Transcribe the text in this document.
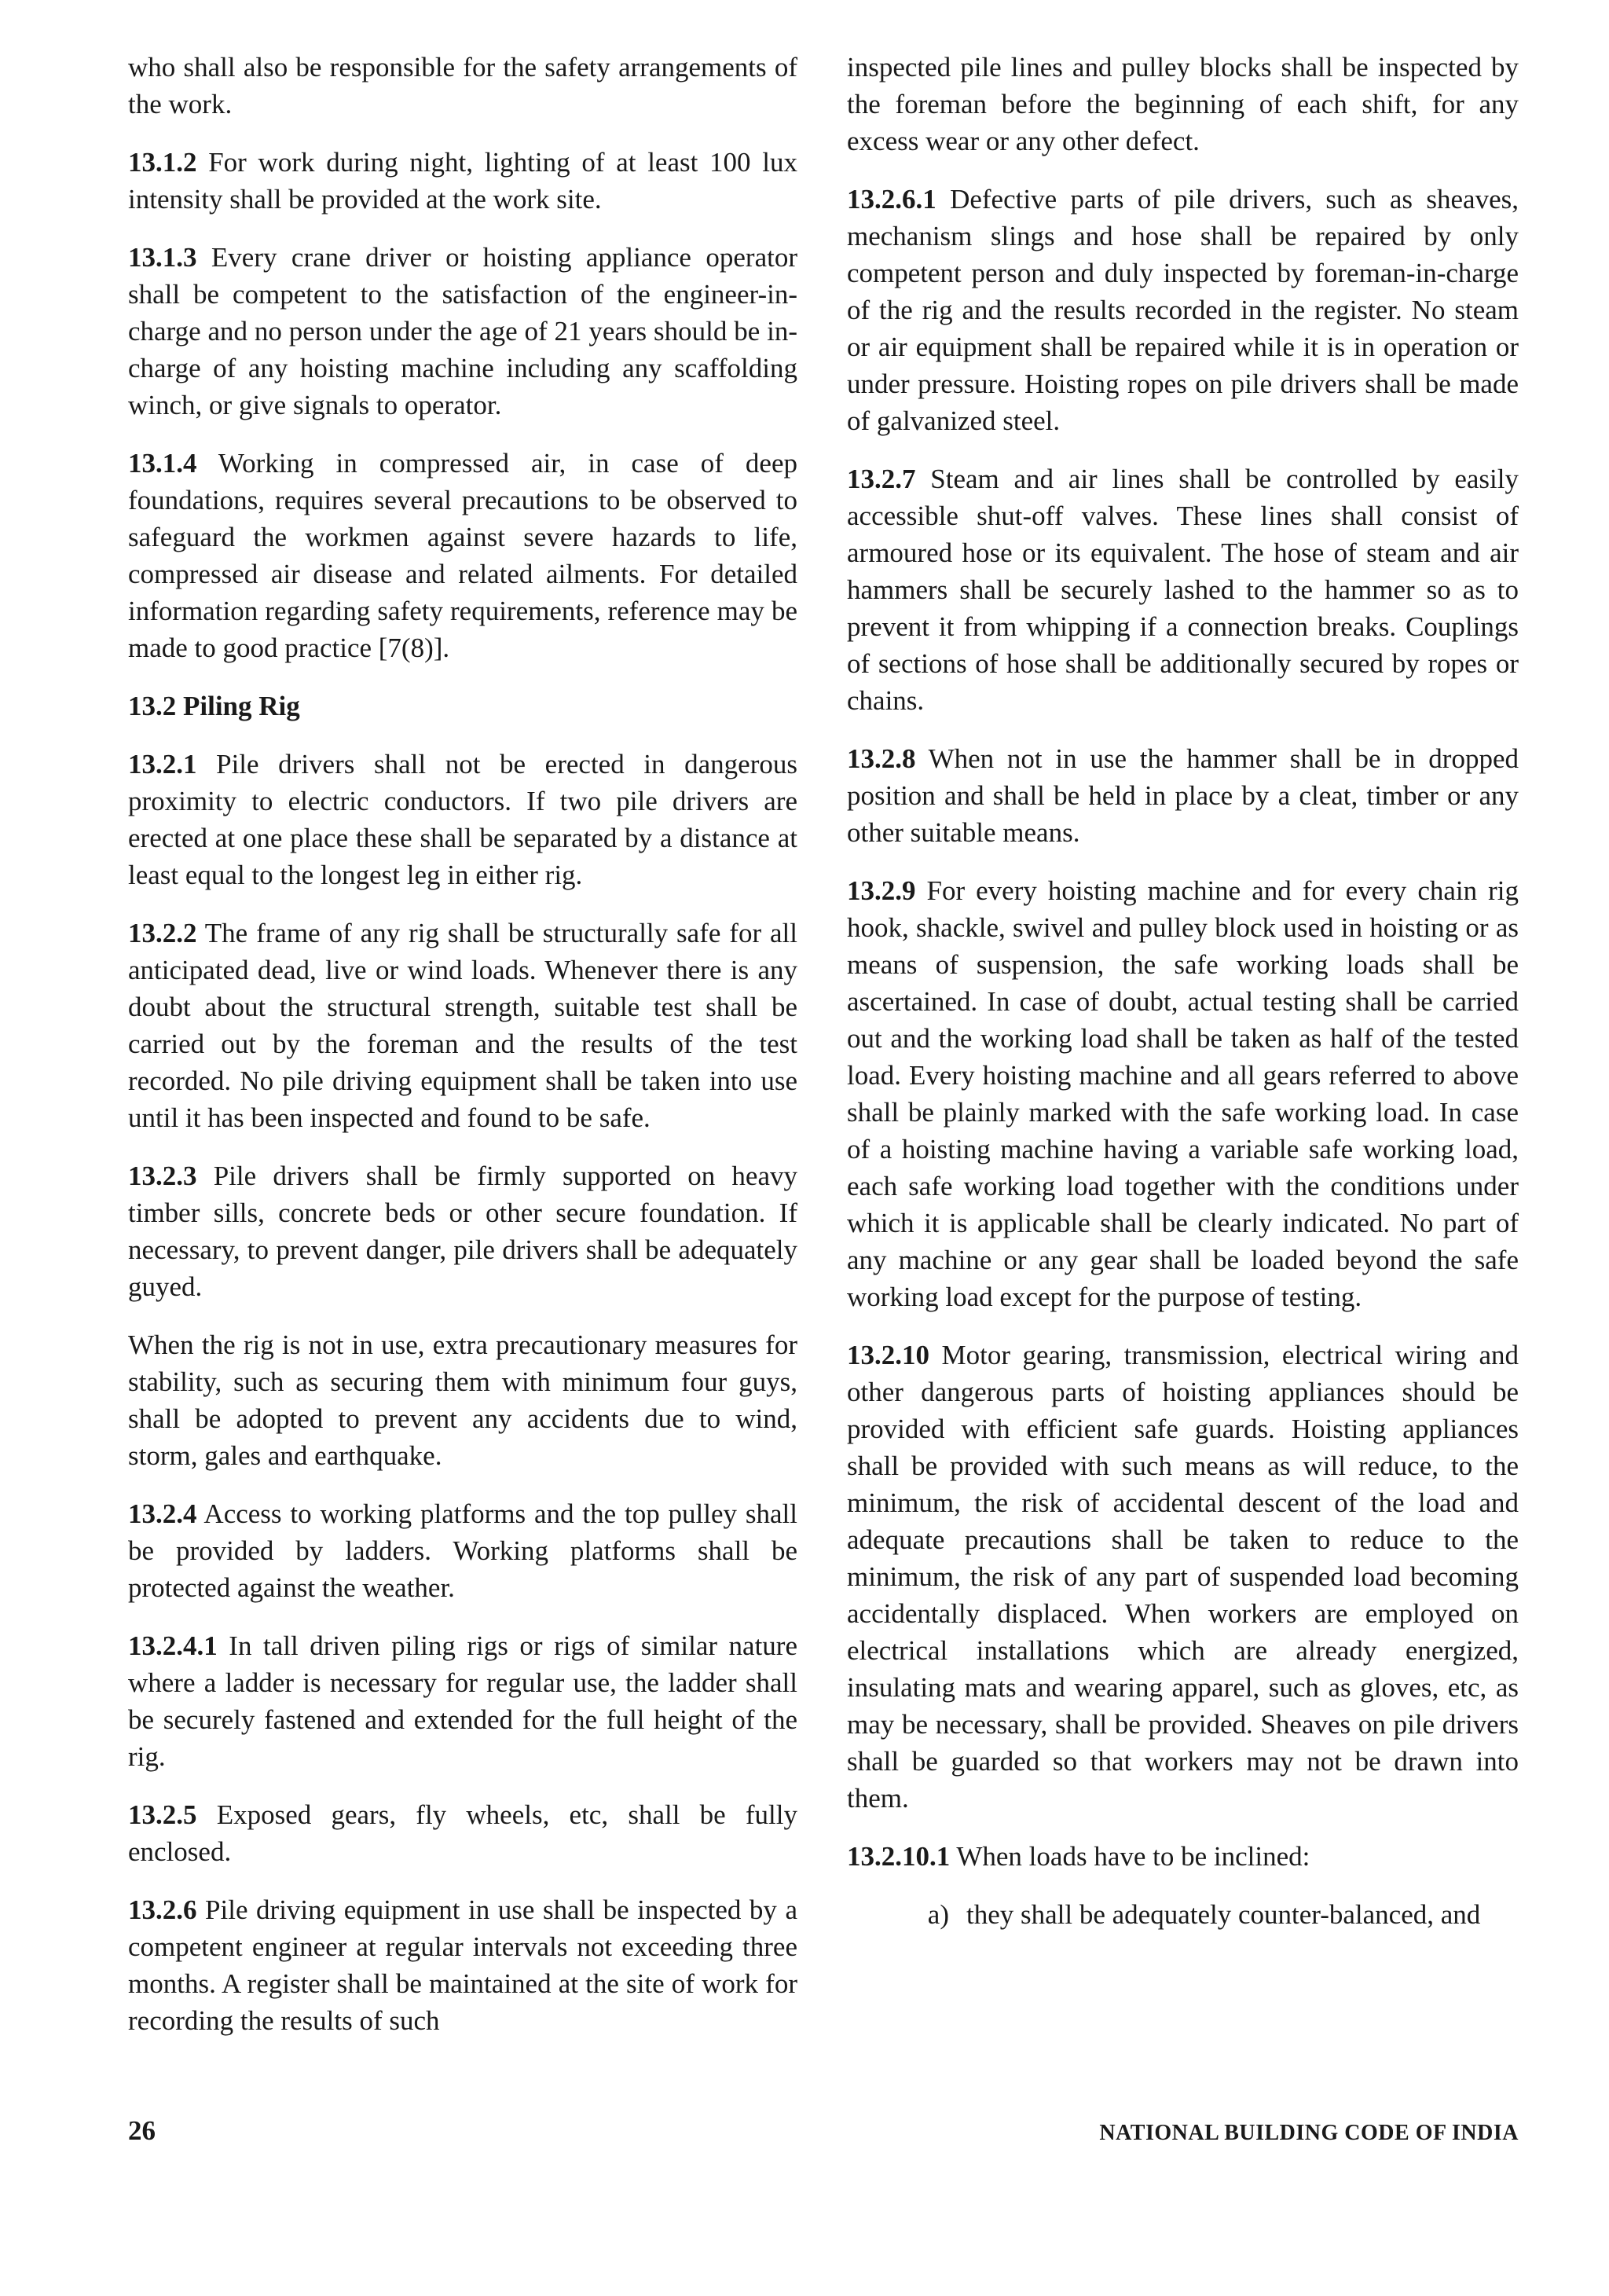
who shall also be responsible for the safety arrangements of the work.

13.1.2 For work during night, lighting of at least 100 lux intensity shall be provided at the work site.

13.1.3 Every crane driver or hoisting appliance operator shall be competent to the satisfaction of the engineer-in-charge and no person under the age of 21 years should be in-charge of any hoisting machine including any scaffolding winch, or give signals to operator.

13.1.4 Working in compressed air, in case of deep foundations, requires several precautions to be observed to safeguard the workmen against severe hazards to life, compressed air disease and related ailments. For detailed information regarding safety requirements, reference may be made to good practice [7(8)].

13.2 Piling Rig

13.2.1 Pile drivers shall not be erected in dangerous proximity to electric conductors. If two pile drivers are erected at one place these shall be separated by a distance at least equal to the longest leg in either rig.

13.2.2 The frame of any rig shall be structurally safe for all anticipated dead, live or wind loads. Whenever there is any doubt about the structural strength, suitable test shall be carried out by the foreman and the results of the test recorded. No pile driving equipment shall be taken into use until it has been inspected and found to be safe.

13.2.3 Pile drivers shall be firmly supported on heavy timber sills, concrete beds or other secure foundation. If necessary, to prevent danger, pile drivers shall be adequately guyed.

When the rig is not in use, extra precautionary measures for stability, such as securing them with minimum four guys, shall be adopted to prevent any accidents due to wind, storm, gales and earthquake.

13.2.4 Access to working platforms and the top pulley shall be provided by ladders. Working platforms shall be protected against the weather.

13.2.4.1 In tall driven piling rigs or rigs of similar nature where a ladder is necessary for regular use, the ladder shall be securely fastened and extended for the full height of the rig.

13.2.5 Exposed gears, fly wheels, etc, shall be fully enclosed.

13.2.6 Pile driving equipment in use shall be inspected by a competent engineer at regular intervals not exceeding three months. A register shall be maintained at the site of work for recording the results of such

inspected pile lines and pulley blocks shall be inspected by the foreman before the beginning of each shift, for any excess wear or any other defect.

13.2.6.1 Defective parts of pile drivers, such as sheaves, mechanism slings and hose shall be repaired by only competent person and duly inspected by foreman-in-charge of the rig and the results recorded in the register. No steam or air equipment shall be repaired while it is in operation or under pressure. Hoisting ropes on pile drivers shall be made of galvanized steel.

13.2.7 Steam and air lines shall be controlled by easily accessible shut-off valves. These lines shall consist of armoured hose or its equivalent. The hose of steam and air hammers shall be securely lashed to the hammer so as to prevent it from whipping if a connection breaks. Couplings of sections of hose shall be additionally secured by ropes or chains.

13.2.8 When not in use the hammer shall be in dropped position and shall be held in place by a cleat, timber or any other suitable means.

13.2.9 For every hoisting machine and for every chain rig hook, shackle, swivel and pulley block used in hoisting or as means of suspension, the safe working loads shall be ascertained. In case of doubt, actual testing shall be carried out and the working load shall be taken as half of the tested load. Every hoisting machine and all gears referred to above shall be plainly marked with the safe working load. In case of a hoisting machine having a variable safe working load, each safe working load together with the conditions under which it is applicable shall be clearly indicated. No part of any machine or any gear shall be loaded beyond the safe working load except for the purpose of testing.

13.2.10 Motor gearing, transmission, electrical wiring and other dangerous parts of hoisting appliances should be provided with efficient safe guards. Hoisting appliances shall be provided with such means as will reduce, to the minimum, the risk of accidental descent of the load and adequate precautions shall be taken to reduce to the minimum, the risk of any part of suspended load becoming accidentally displaced. When workers are employed on electrical installations which are already energized, insulating mats and wearing apparel, such as gloves, etc, as may be necessary, shall be provided. Sheaves on pile drivers shall be guarded so that workers may not be drawn into them.

13.2.10.1 When loads have to be inclined:

a) they shall be adequately counter-balanced, and
26	NATIONAL BUILDING CODE OF INDIA
